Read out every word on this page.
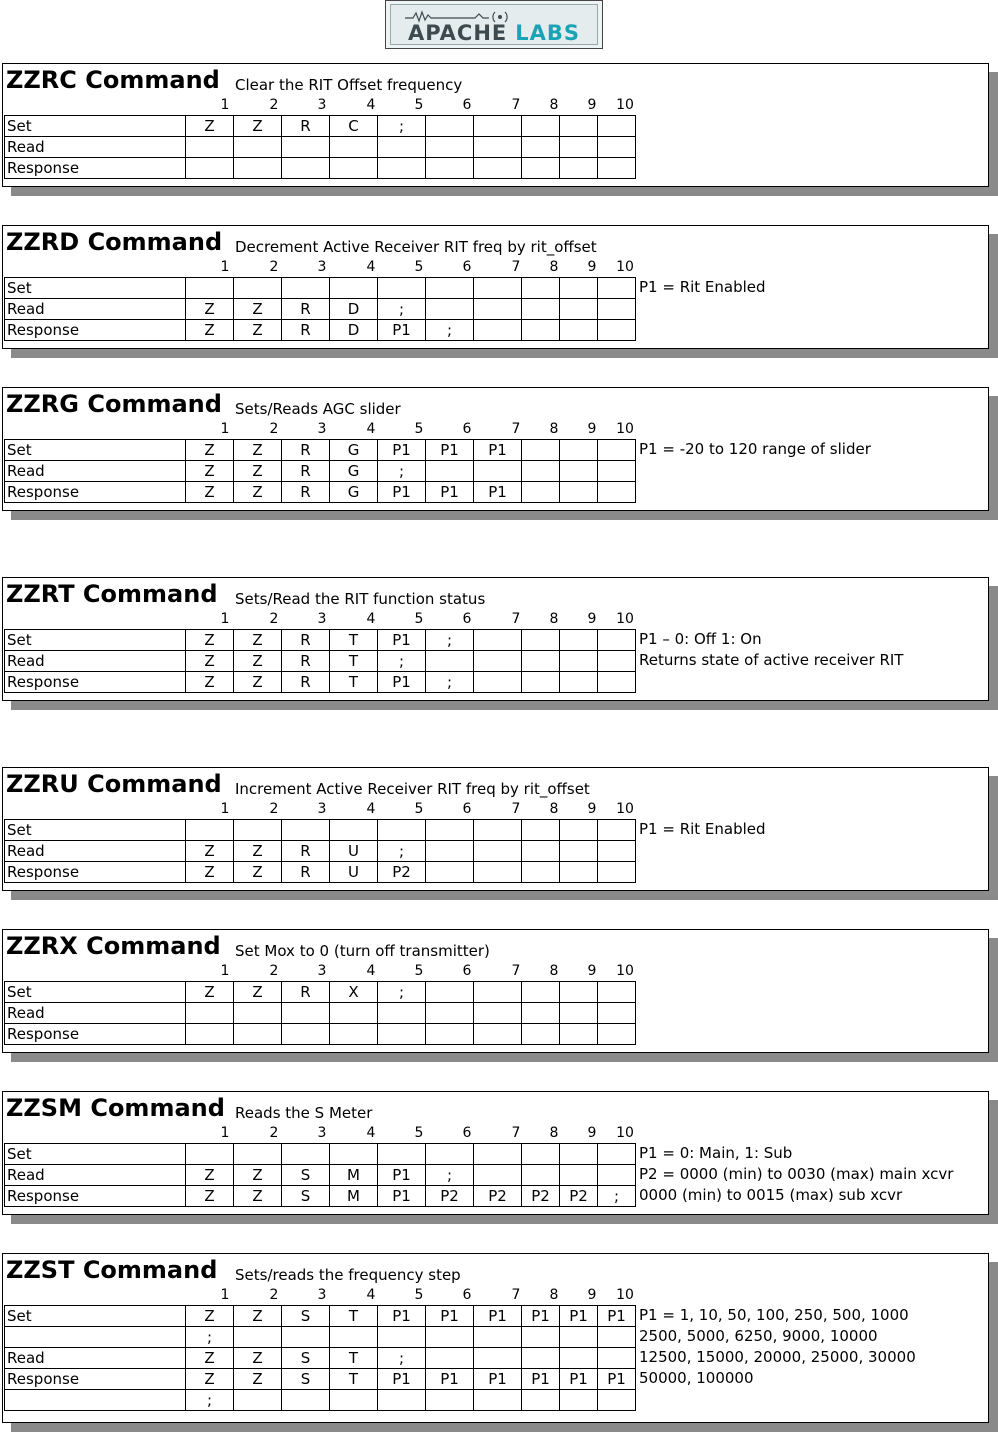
APACHE LABS
ZZRC Command Clear the RIT Offset frequency
1	2	3	4	5	6	7	8	9	10
Set	Z	Z	R	C	;					
Read										
Response										
ZZRD Command Decrement Active Receiver RIT freq by rit_offset
1	2	3	4	5	6	7	8	9	10
Set										
Read	Z	Z	R	D	;					
Response	Z	Z	R	D	P1	;				
P1 = Rit Enabled
ZZRG Command Sets/Reads AGC slider
1	2	3	4	5	6	7	8	9	10
Set	Z	Z	R	G	P1	P1	P1			
Read	Z	Z	R	G	;					
Response	Z	Z	R	G	P1	P1	P1			
P1 = -20 to 120 range of slider
ZZRT Command Sets/Read the RIT function status
1	2	3	4	5	6	7	8	9	10
Set	Z	Z	R	T	P1	;				
Read	Z	Z	R	T	;					
Response	Z	Z	R	T	P1	;				
P1 – 0: Off 1: On
Returns state of active receiver RIT
ZZRU Command Increment Active Receiver RIT freq by rit_offset
1	2	3	4	5	6	7	8	9	10
Set										
Read	Z	Z	R	U	;					
Response	Z	Z	R	U	P2					
P1 = Rit Enabled
ZZRX Command Set Mox to 0 (turn off transmitter)
1	2	3	4	5	6	7	8	9	10
Set	Z	Z	R	X	;					
Read										
Response										
ZZSM Command Reads the S Meter
1	2	3	4	5	6	7	8	9	10
Set										
Read	Z	Z	S	M	P1	;				
Response	Z	Z	S	M	P1	P2	P2	P2	P2	;
P1 = 0: Main, 1: Sub
P2 = 0000 (min) to 0030 (max) main xcvr
0000 (min) to 0015 (max) sub xcvr
ZZST Command Sets/reads the frequency step
1	2	3	4	5	6	7	8	9	10
Set	Z	Z	S	T	P1	P1	P1	P1	P1	P1
	;									
Read	Z	Z	S	T	;					
Response	Z	Z	S	T	P1	P1	P1	P1	P1	P1
	;									
P1 = 1, 10, 50, 100, 250, 500, 1000
2500, 5000, 6250, 9000, 10000
12500, 15000, 20000, 25000, 30000
50000, 100000
